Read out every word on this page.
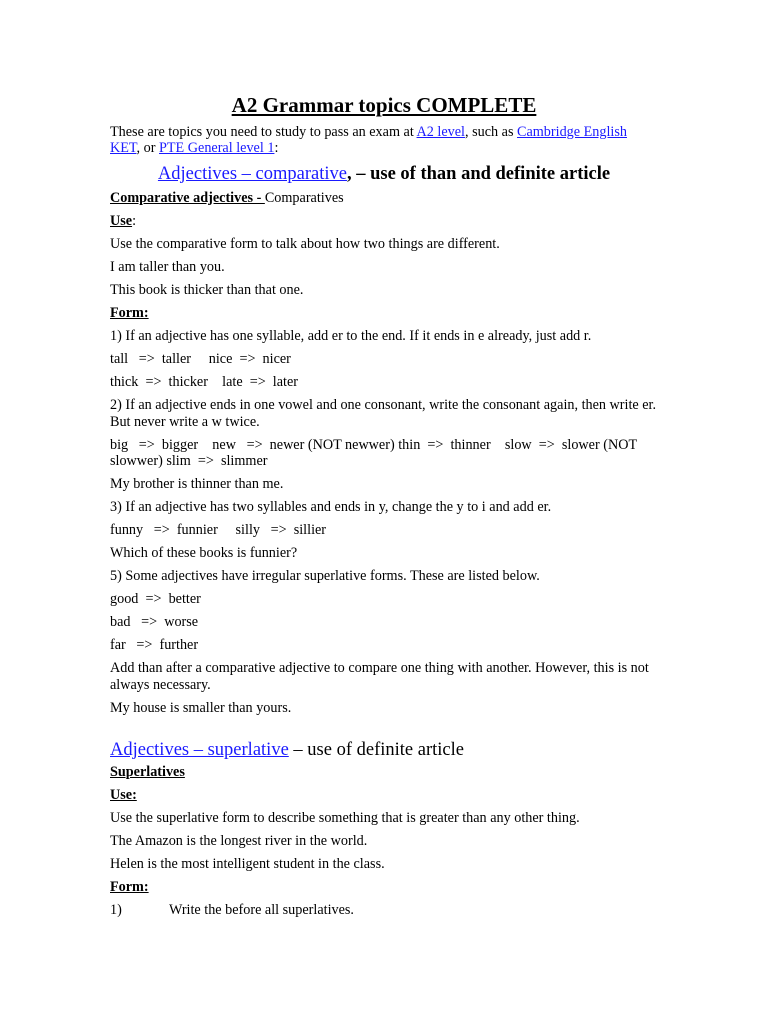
A2 Grammar topics COMPLETE
These are topics you need to study to pass an exam at A2 level, such as Cambridge English KET, or PTE General level 1:
Adjectives – comparative, – use of than and definite article
Comparative adjectives - Comparatives
Use:
Use the comparative form to talk about how two things are different.
I am taller than you.
This book is thicker than that one.
Form:
1) If an adjective has one syllable, add er to the end. If it ends in e already, just add r.
tall   =>  taller     nice  =>  nicer
thick  =>  thicker    late  =>  later
2) If an adjective ends in one vowel and one consonant, write the consonant again, then write er. But never write a w twice.
big   =>  bigger    new   =>  newer (NOT newwer) thin  =>  thinner    slow  =>  slower (NOT slowwer) slim  =>  slimmer
My brother is thinner than me.
3) If an adjective has two syllables and ends in y, change the y to i and add er.
funny   =>  funnier     silly   =>  sillier
Which of these books is funnier?
5) Some adjectives have irregular superlative forms. These are listed below.
good  =>  better
bad   =>  worse
far   =>  further
Add than after a comparative adjective to compare one thing with another. However, this is not always necessary.
My house is smaller than yours.
Adjectives – superlative – use of definite article
Superlatives
Use:
Use the superlative form to describe something that is greater than any other thing.
The Amazon is the longest river in the world.
Helen is the most intelligent student in the class.
Form:
1)	Write the before all superlatives.
